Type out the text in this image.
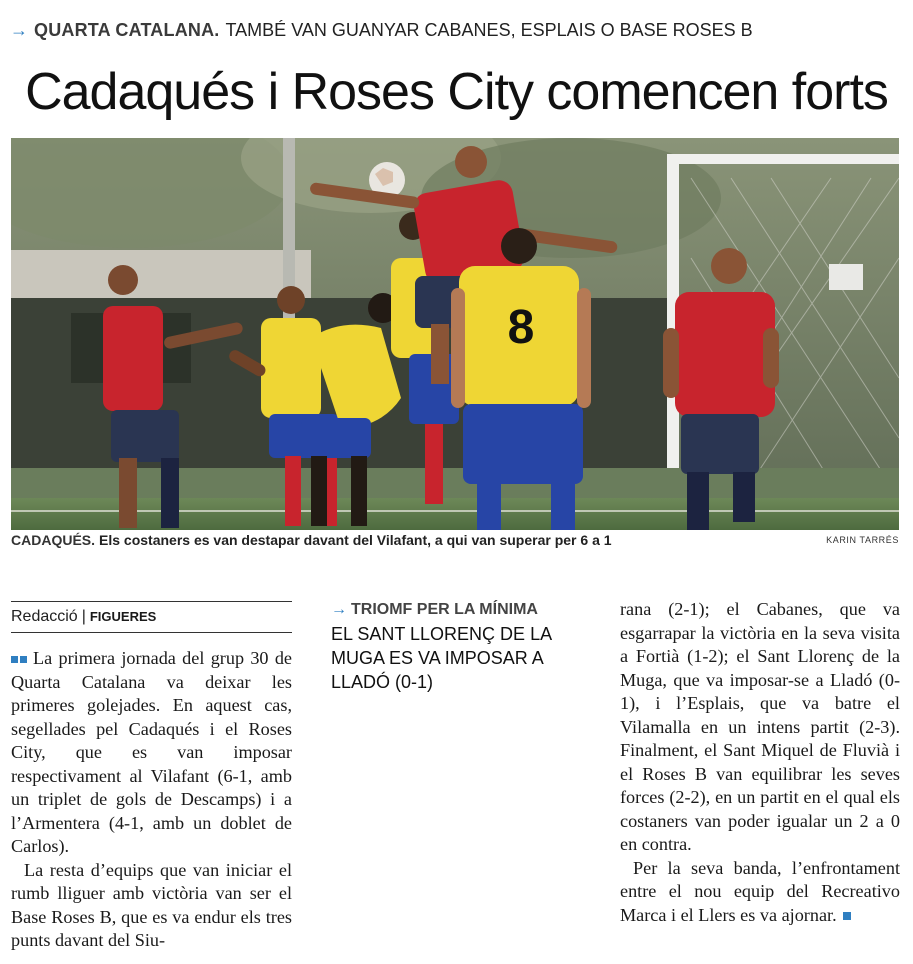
→ QUARTA CATALANA. TAMBÉ VAN GUANYAR CABANES, ESPLAIS O BASE ROSES B
Cadaqués i Roses City comencen forts
8
CADAQUÉS. Els costaners es van destapar davant del Vilafant, a qui van superar per 6 a 1	KARIN TARRÉS
Redacció | FIGUERES

La primera jornada del grup 30 de Quarta Catalana va deixar les primeres golejades. En aquest cas, segellades pel Cadaqués i el Roses City, que es van imposar respectivament al Vilafant (6-1, amb un triplet de gols de Descamps) i a l’Armentera (4-1, amb un doblet de Carlos).

La resta d’equips que van iniciar el rumb lliguer amb victòria van ser el Base Roses B, que es va endur els tres punts davant del Siu-

→ TRIOMF PER LA MÍNIMA
EL SANT LLORENÇ DE LA MUGA ES VA IMPOSAR A LLADÓ (0-1)

rana (2-1); el Cabanes, que va esgarrapar la victòria en la seva visita a Fortià (1-2); el Sant Llorenç de la Muga, que va imposar-se a Lladó (0-1), i l’Esplais, que va batre el Vilamalla en un intens partit (2-3). Finalment, el Sant Miquel de Fluvià i el Roses B van equilibrar les seves forces (2-2), en un partit en el qual els costaners van poder igualar un 2 a 0 en contra.

Per la seva banda, l’enfrontament entre el nou equip del Recreativo Marca i el Llers es va ajornar.
